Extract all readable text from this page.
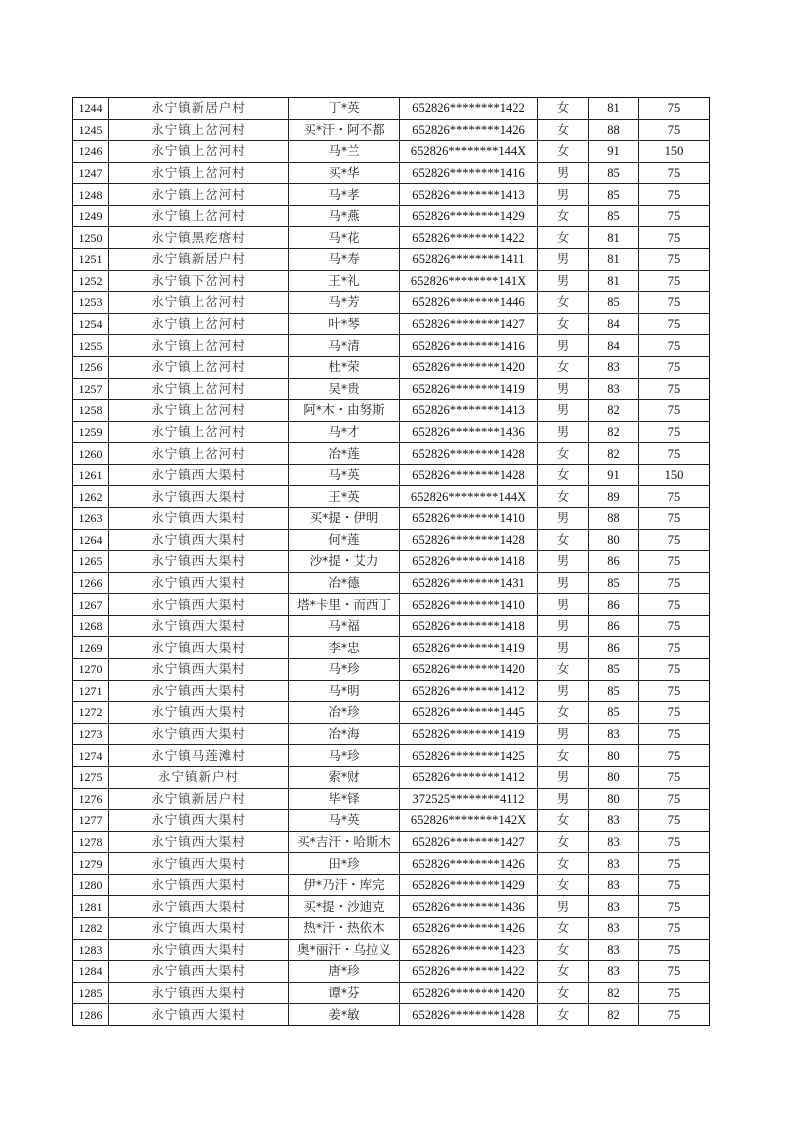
1244	永宁镇新居户村	丁*英	652826********1422	女	81	75
1245	永宁镇上岔河村	买*汗・阿不都	652826********1426	女	88	75
1246	永宁镇上岔河村	马*兰	652826********144X	女	91	150
1247	永宁镇上岔河村	买*华	652826********1416	男	85	75
1248	永宁镇上岔河村	马*孝	652826********1413	男	85	75
1249	永宁镇上岔河村	马*燕	652826********1429	女	85	75
1250	永宁镇黑疙瘩村	马*花	652826********1422	女	81	75
1251	永宁镇新居户村	马*寿	652826********1411	男	81	75
1252	永宁镇下岔河村	王*礼	652826********141X	男	81	75
1253	永宁镇上岔河村	马*芳	652826********1446	女	85	75
1254	永宁镇上岔河村	叶*琴	652826********1427	女	84	75
1255	永宁镇上岔河村	马*清	652826********1416	男	84	75
1256	永宁镇上岔河村	杜*荣	652826********1420	女	83	75
1257	永宁镇上岔河村	吴*贵	652826********1419	男	83	75
1258	永宁镇上岔河村	阿*木・由努斯	652826********1413	男	82	75
1259	永宁镇上岔河村	马*才	652826********1436	男	82	75
1260	永宁镇上岔河村	冶*莲	652826********1428	女	82	75
1261	永宁镇西大渠村	马*英	652826********1428	女	91	150
1262	永宁镇西大渠村	王*英	652826********144X	女	89	75
1263	永宁镇西大渠村	买*提・伊明	652826********1410	男	88	75
1264	永宁镇西大渠村	何*莲	652826********1428	女	80	75
1265	永宁镇西大渠村	沙*提・艾力	652826********1418	男	86	75
1266	永宁镇西大渠村	冶*德	652826********1431	男	85	75
1267	永宁镇西大渠村	塔*卡里・而西丁	652826********1410	男	86	75
1268	永宁镇西大渠村	马*福	652826********1418	男	86	75
1269	永宁镇西大渠村	李*忠	652826********1419	男	86	75
1270	永宁镇西大渠村	马*珍	652826********1420	女	85	75
1271	永宁镇西大渠村	马*明	652826********1412	男	85	75
1272	永宁镇西大渠村	冶*珍	652826********1445	女	85	75
1273	永宁镇西大渠村	冶*海	652826********1419	男	83	75
1274	永宁镇马莲滩村	马*珍	652826********1425	女	80	75
1275	永宁镇新户村	索*财	652826********1412	男	80	75
1276	永宁镇新居户村	毕*铎	372525********4112	男	80	75
1277	永宁镇西大渠村	马*英	652826********142X	女	83	75
1278	永宁镇西大渠村	买*吉汗・哈斯木	652826********1427	女	83	75
1279	永宁镇西大渠村	田*珍	652826********1426	女	83	75
1280	永宁镇西大渠村	伊*乃汗・库完	652826********1429	女	83	75
1281	永宁镇西大渠村	买*提・沙迪克	652826********1436	男	83	75
1282	永宁镇西大渠村	热*汗・热依木	652826********1426	女	83	75
1283	永宁镇西大渠村	奥*丽汗・乌拉义	652826********1423	女	83	75
1284	永宁镇西大渠村	唐*珍	652826********1422	女	83	75
1285	永宁镇西大渠村	谭*芬	652826********1420	女	82	75
1286	永宁镇西大渠村	姜*敏	652826********1428	女	82	75
